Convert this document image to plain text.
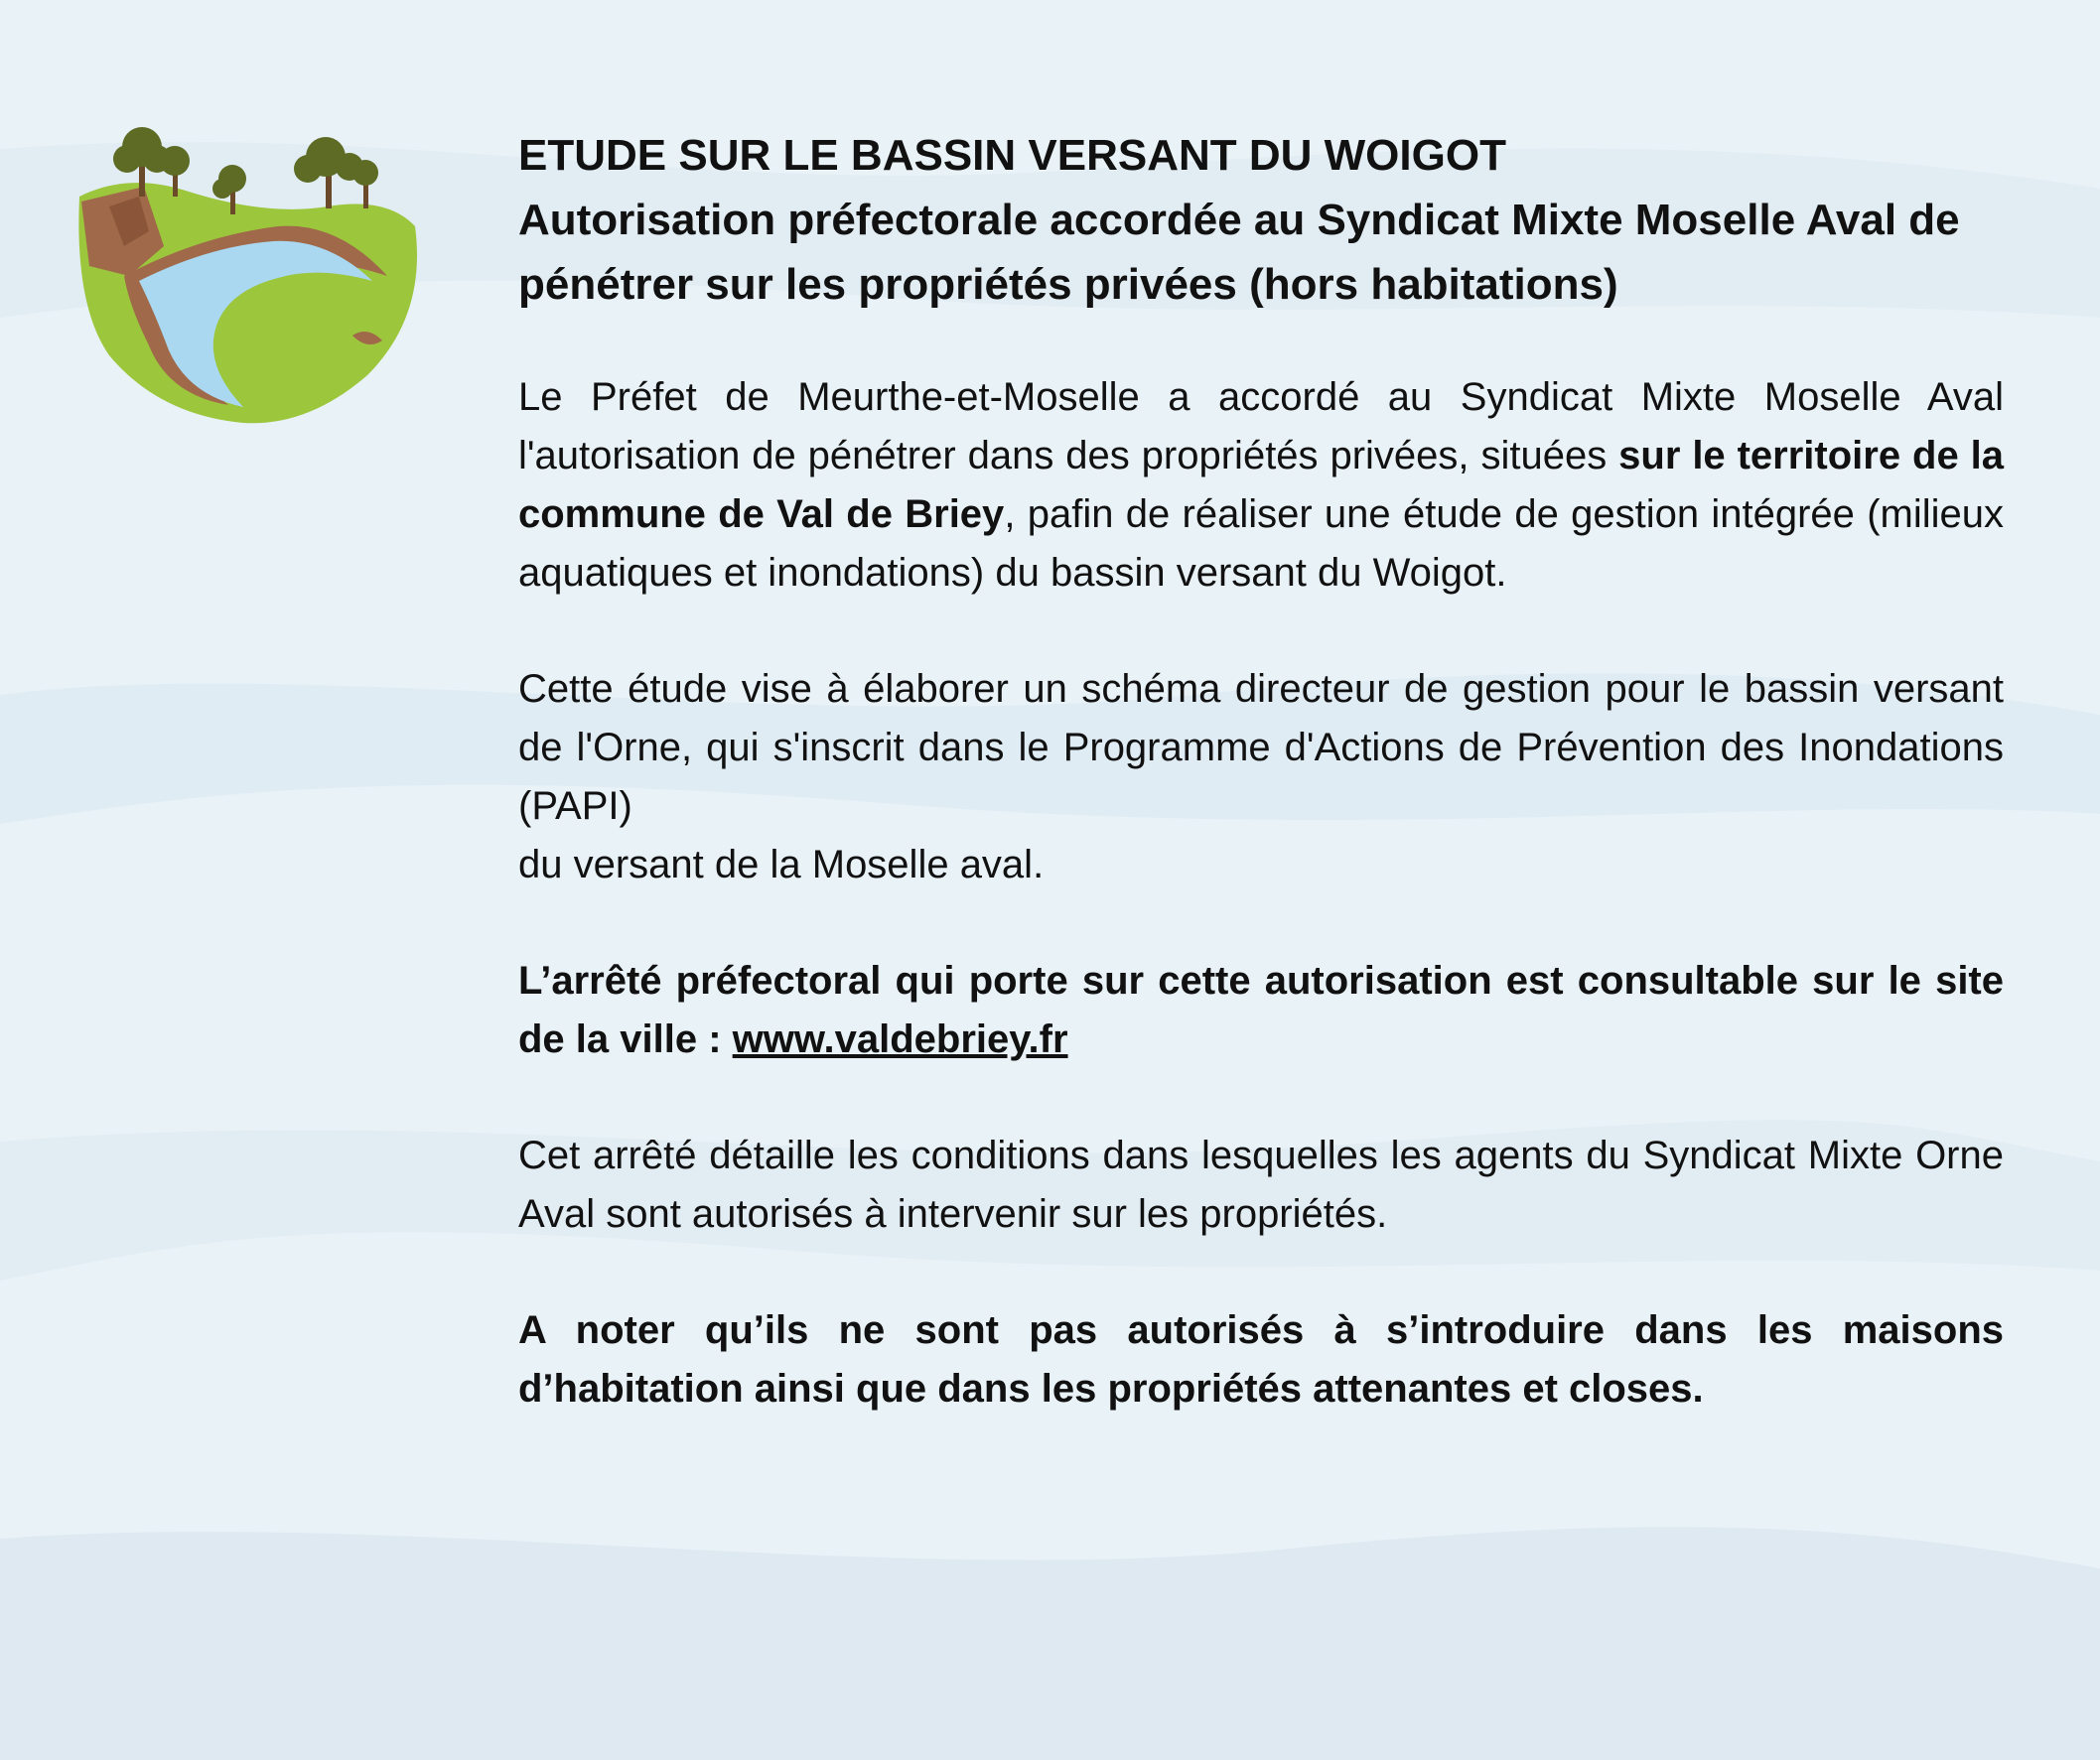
ETUDE SUR LE BASSIN VERSANT DU WOIGOT
Autorisation préfectorale accordée au Syndicat Mixte Moselle Aval de pénétrer sur les propriétés privées (hors habitations)

Le Préfet de Meurthe-et-Moselle a accordé au Syndicat Mixte Moselle Aval l'autorisation de pénétrer dans des propriétés privées, situées sur le territoire de la commune de Val de Briey, pafin de réaliser une étude de gestion intégrée (milieux aquatiques et inondations) du bassin versant du Woigot.

Cette étude vise à élaborer un schéma directeur de gestion pour le bassin versant de l'Orne, qui s'inscrit dans le Programme d'Actions de Prévention des Inondations (PAPI)
du versant de la Moselle aval.

L’arrêté préfectoral qui porte sur cette autorisation est consultable sur le site de la ville : www.valdebriey.fr

Cet arrêté détaille les conditions dans lesquelles les agents du Syndicat Mixte Orne Aval sont autorisés à intervenir sur les propriétés.

A noter qu’ils ne sont pas autorisés à s’introduire dans les maisons d’habitation ainsi que dans les propriétés attenantes et closes.
